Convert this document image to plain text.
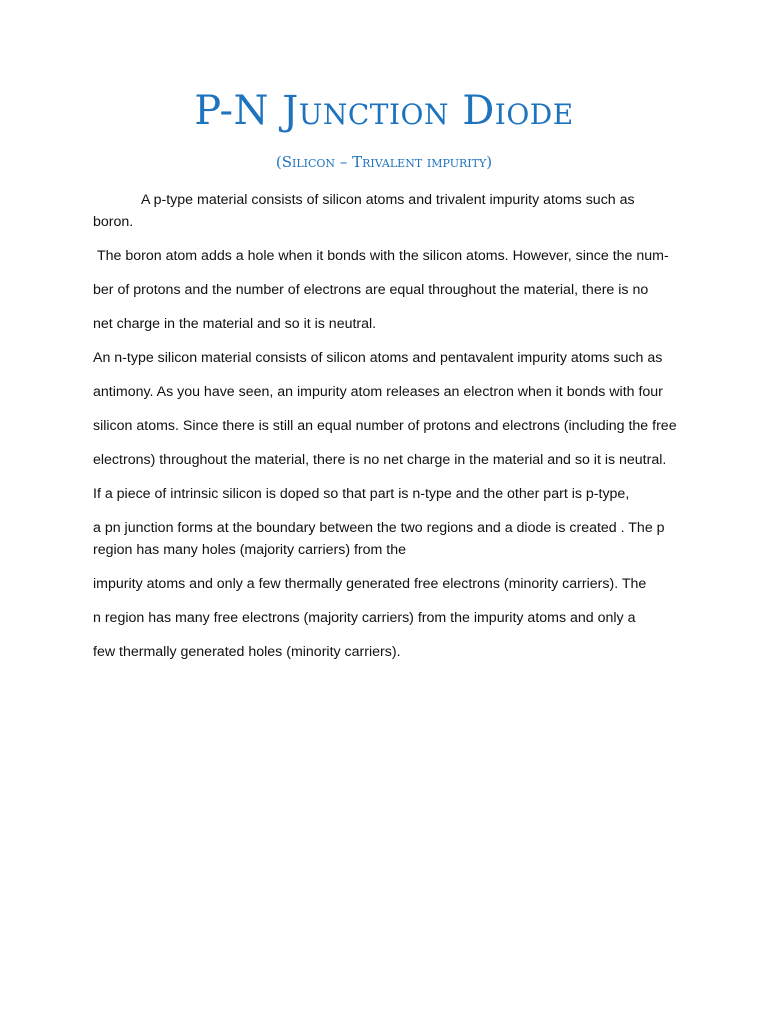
P-N Junction Diode
(Silicon – Trivalent impurity)

A p-type material consists of silicon atoms and trivalent impurity atoms such as boron.

The boron atom adds a hole when it bonds with the silicon atoms. However, since the num-

ber of protons and the number of electrons are equal throughout the material, there is no

net charge in the material and so it is neutral.

An n-type silicon material consists of silicon atoms and pentavalent impurity atoms such as

antimony. As you have seen, an impurity atom releases an electron when it bonds with four

silicon atoms. Since there is still an equal number of protons and electrons (including the free

electrons) throughout the material, there is no net charge in the material and so it is neutral.

If a piece of intrinsic silicon is doped so that part is n-type and the other part is p-type,

a pn junction forms at the boundary between the two regions and a diode is created . The p region has many holes (majority carriers) from the

impurity atoms and only a few thermally generated free electrons (minority carriers). The

n region has many free electrons (majority carriers) from the impurity atoms and only a

few thermally generated holes (minority carriers).
